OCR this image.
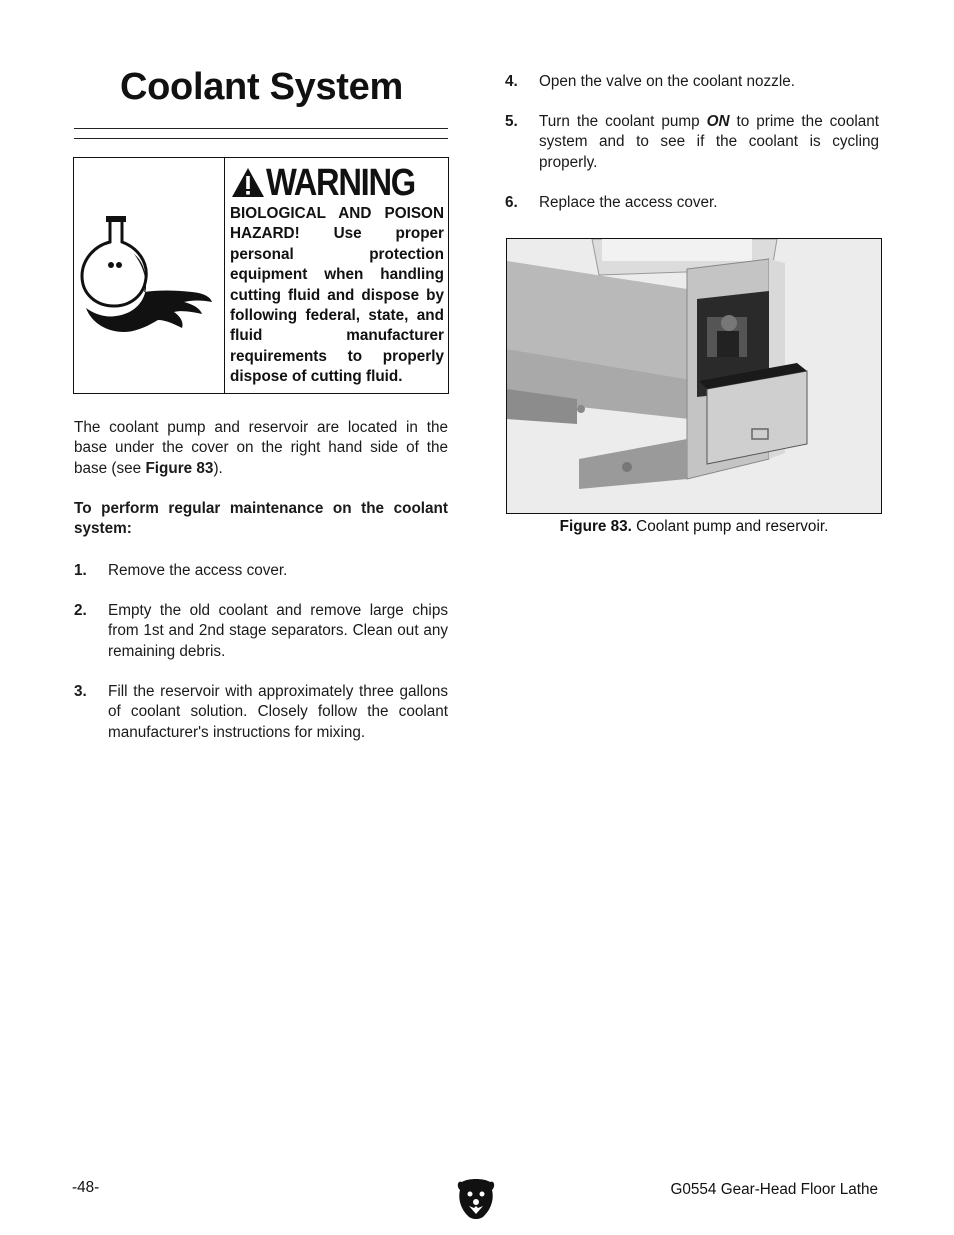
Coolant System
WARNING
BIOLOGICAL AND POISON HAZARD! Use proper personal protection equipment when handling cutting fluid and dispose by following federal, state, and fluid manufacturer requirements to properly dispose of cutting fluid.
The coolant pump and reservoir are located in the base under the cover on the right hand side of the base (see Figure 83).
To perform regular maintenance on the coolant system:
1. Remove the access cover.
2. Empty the old coolant and remove large chips from 1st and 2nd stage separators. Clean out any remaining debris.
3. Fill the reservoir with approximately three gallons of coolant solution. Closely follow the coolant manufacturer's instructions for mixing.
4. Open the valve on the coolant nozzle.
5. Turn the coolant pump ON to prime the coolant system and to see if the coolant is cycling properly.
6. Replace the access cover.
Figure 83. Coolant pump and reservoir.
-48-	G0554 Gear-Head Floor Lathe
